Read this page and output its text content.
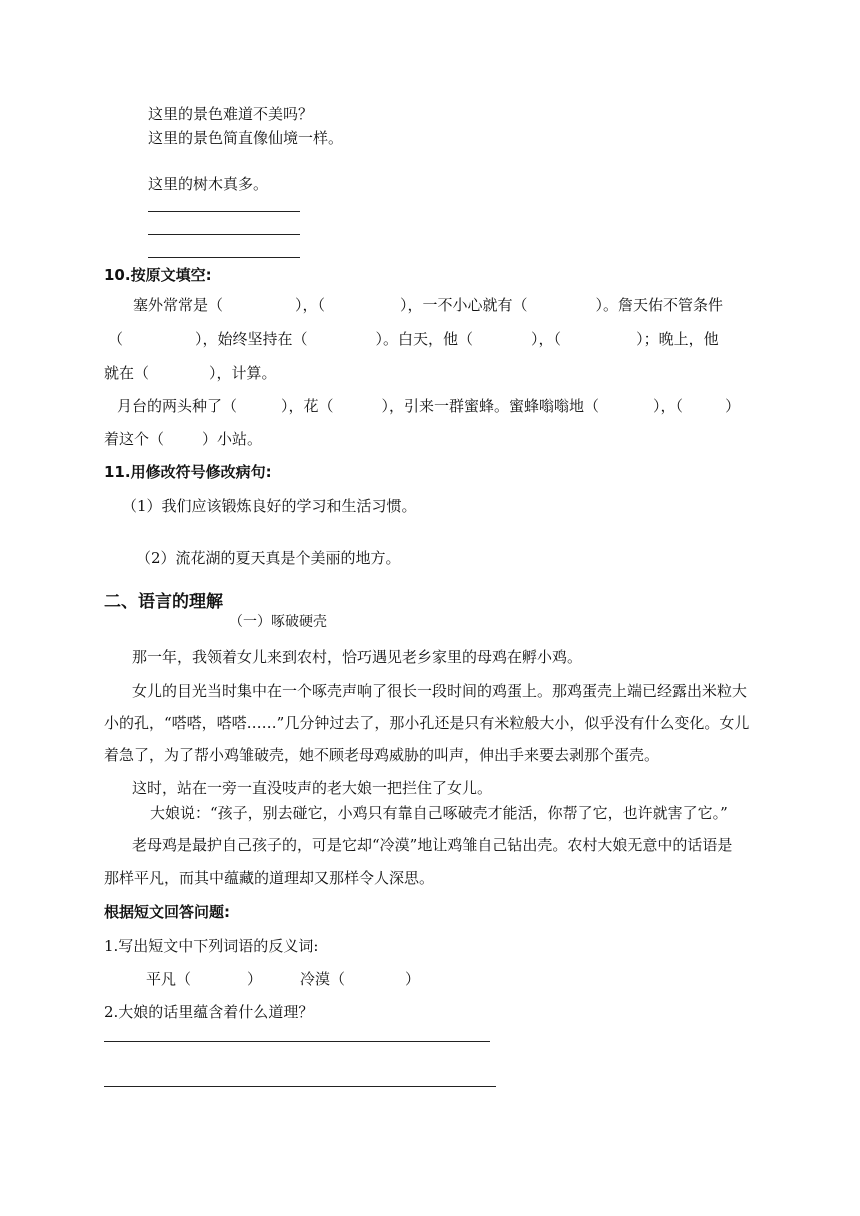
这里的景色难道不美吗？
这里的景色简直像仙境一样。
这里的树木真多。
10.按原文填空:
塞外常常是（	），（	），一不小心就有（	）。詹天佑不管条件
（	），始终坚持在（	）。白天，他（	），（	）；晚上，他
就在（	），计算。
月台的两头种了（	），花（	），引来一群蜜蜂。蜜蜂嗡嗡地（	），（	）
着这个（	）小站。
11.用修改符号修改病句:
（1）我们应该锻炼良好的学习和生活习惯。
（2）流花湖的夏天真是个美丽的地方。
二、语言的理解
（一）啄破硬壳
那一年，我领着女儿来到农村，恰巧遇见老乡家里的母鸡在孵小鸡。
女儿的目光当时集中在一个啄壳声响了很长一段时间的鸡蛋上。那鸡蛋壳上端已经露出米粒大
小的孔，“嗒嗒，嗒嗒……”几分钟过去了，那小孔还是只有米粒般大小，似乎没有什么变化。女儿
着急了，为了帮小鸡雏破壳，她不顾老母鸡威胁的叫声，伸出手来要去剥那个蛋壳。
这时，站在一旁一直没吱声的老大娘一把拦住了女儿。
大娘说：“孩子，别去碰它，小鸡只有靠自己啄破壳才能活，你帮了它，也许就害了它。”
老母鸡是最护自己孩子的，可是它却“冷漠”地让鸡雏自己钻出壳。农村大娘无意中的话语是
那样平凡，而其中蕴藏的道理却又那样令人深思。
根据短文回答问题:
1.写出短文中下列词语的反义词:
平凡（	）	冷漠（	）
2.大娘的话里蕴含着什么道理？
